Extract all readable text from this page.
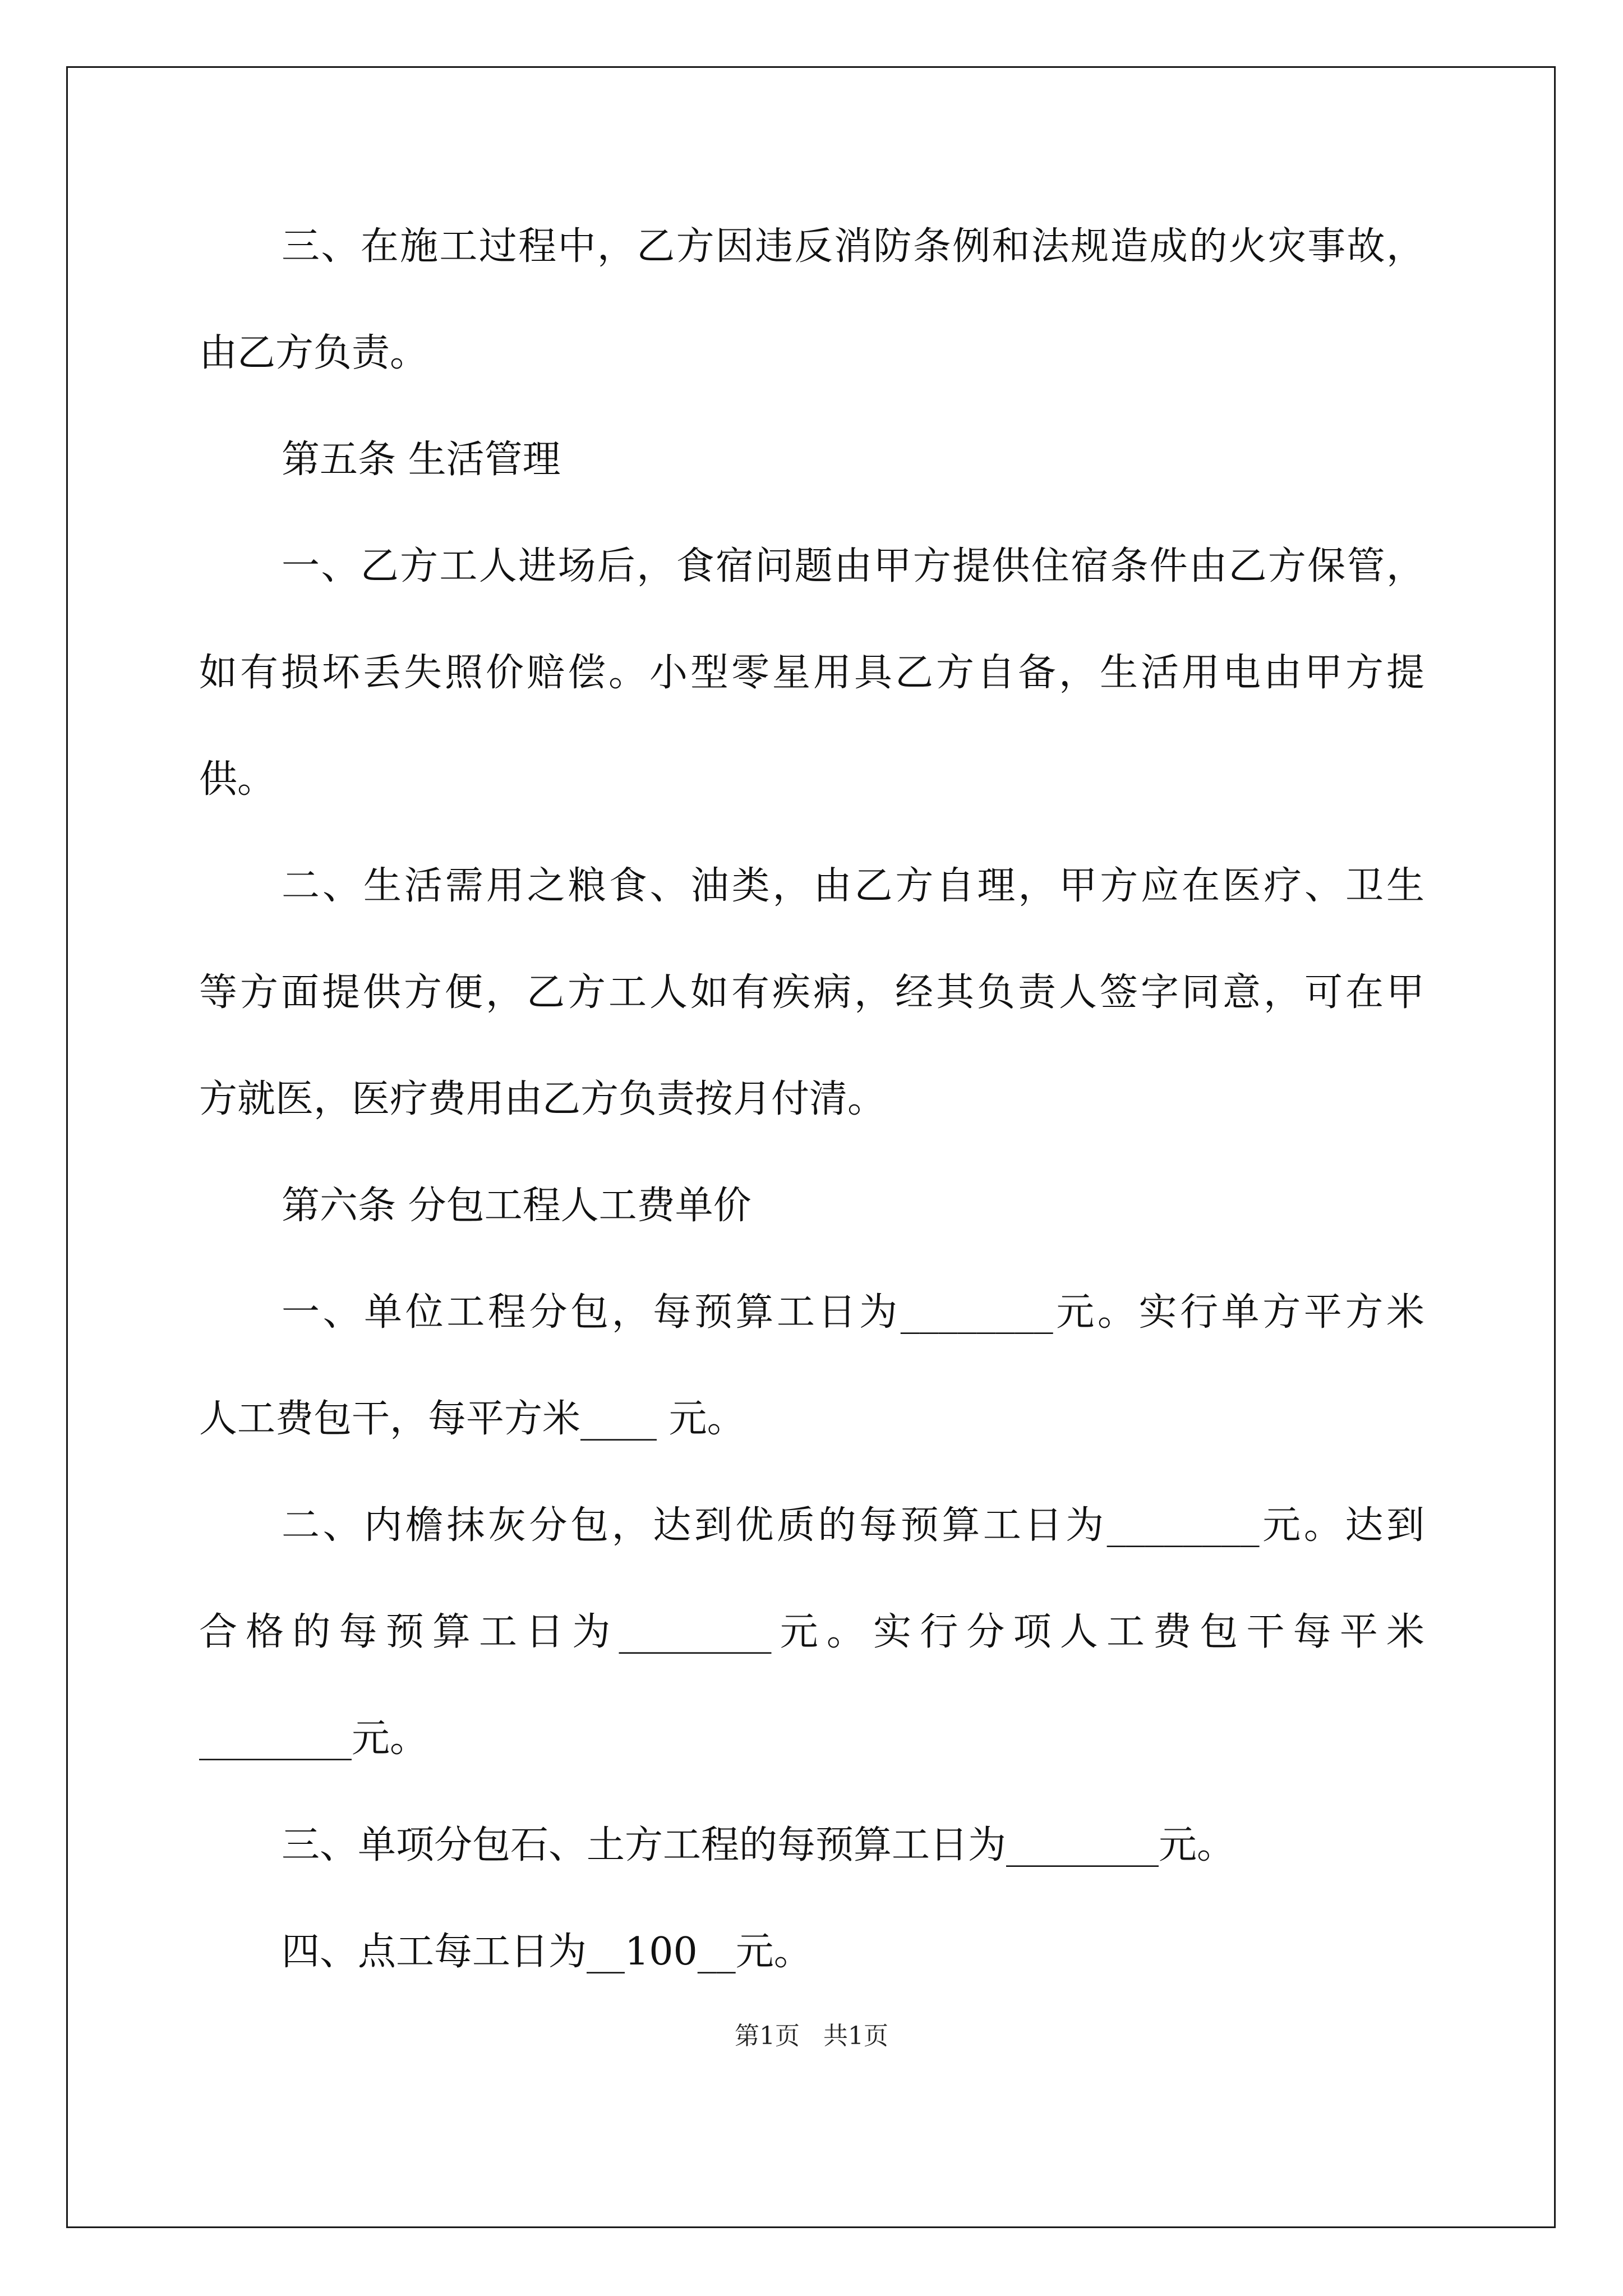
三、在施工过程中，乙方因违反消防条例和法规造成的火灾事故，
由乙方负责。
第五条 生活管理
一、乙方工人进场后，食宿问题由甲方提供住宿条件由乙方保管，
如有损坏丢失照价赔偿。小型零星用具乙方自备，生活用电由甲方提
供。
二、生活需用之粮食、油类，由乙方自理，甲方应在医疗、卫生
等方面提供方便，乙方工人如有疾病，经其负责人签字同意，可在甲
方就医，医疗费用由乙方负责按月付清。
第六条 分包工程人工费单价
一、单位工程分包，每预算工日为________元。实行单方平方米
人工费包干，每平方米____ 元。
二、内檐抹灰分包，达到优质的每预算工日为________元。达到
合格的每预算工日为________元。实行分项人工费包干每平米
________元。
三、单项分包石、土方工程的每预算工日为________元。
四、点工每工日为__100__元。
第1页   共1页
